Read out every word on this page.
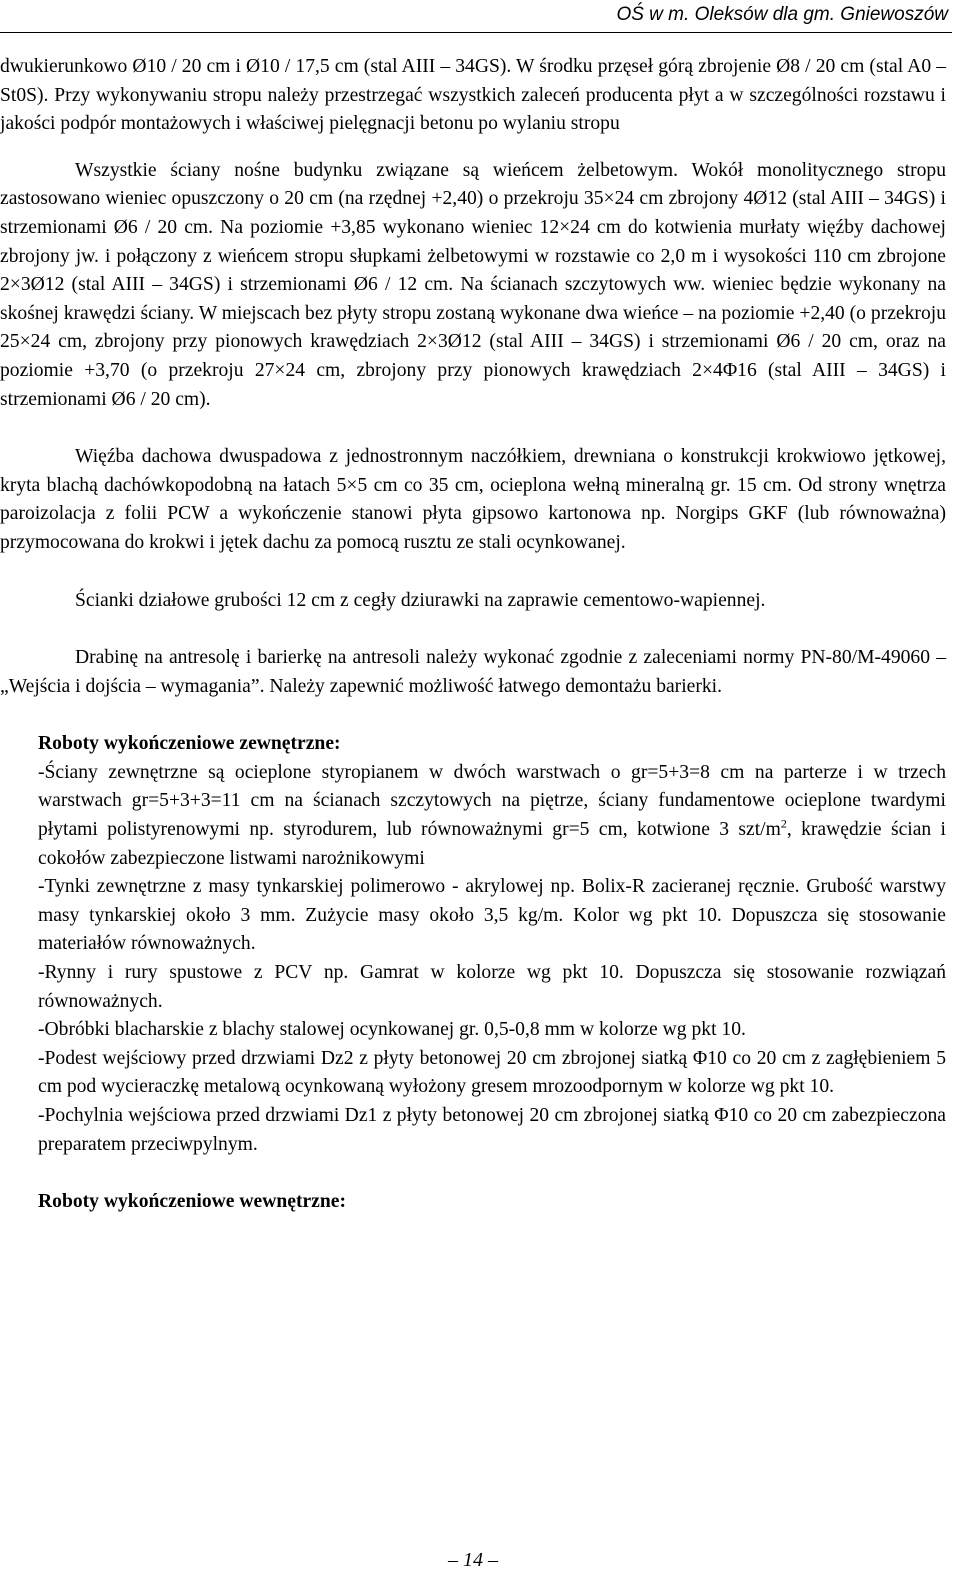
OŚ w m. Oleksów dla gm. Gniewoszów

dwukierunkowo Ø10 / 20 cm i Ø10 / 17,5 cm (stal AIII – 34GS). W środku przęseł górą zbrojenie Ø8 / 20 cm (stal A0 – St0S). Przy wykonywaniu stropu należy przestrzegać wszystkich zaleceń producenta płyt a w szczególności rozstawu i jakości podpór montażowych i właściwej pielęgnacji betonu po wylaniu stropu

Wszystkie ściany nośne budynku związane są wieńcem żelbetowym. Wokół monolitycznego stropu zastosowano wieniec opuszczony o 20 cm (na rzędnej +2,40) o przekroju 35×24 cm zbrojony 4Ø12 (stal AIII – 34GS) i strzemionami Ø6 / 20 cm. Na poziomie +3,85 wykonano wieniec 12×24 cm do kotwienia murłaty więźby dachowej zbrojony jw. i połączony z wieńcem stropu słupkami żelbetowymi w rozstawie co 2,0 m i wysokości 110 cm zbrojone 2×3Ø12 (stal AIII – 34GS) i strzemionami Ø6 / 12 cm. Na ścianach szczytowych ww. wieniec będzie wykonany na skośnej krawędzi ściany. W miejscach bez płyty stropu zostaną wykonane dwa wieńce – na poziomie +2,40 (o przekroju 25×24 cm, zbrojony przy pionowych krawędziach 2×3Ø12 (stal AIII – 34GS) i strzemionami Ø6 / 20 cm, oraz na poziomie +3,70 (o przekroju 27×24 cm, zbrojony przy pionowych krawędziach 2×4Φ16 (stal AIII – 34GS) i strzemionami Ø6 / 20 cm).

Więźba dachowa dwuspadowa z jednostronnym naczółkiem, drewniana o konstrukcji krokwiowo jętkowej, kryta blachą dachówkopodobną na łatach 5×5 cm co 35 cm, ocieplona wełną mineralną gr. 15 cm. Od strony wnętrza paroizolacja z folii PCW a wykończenie stanowi płyta gipsowo kartonowa np. Norgips GKF (lub równoważna) przymocowana do krokwi i jętek dachu za pomocą rusztu ze stali ocynkowanej.

Ścianki działowe grubości 12 cm z cegły dziurawki na zaprawie cementowo-wapiennej.

Drabinę na antresolę i barierkę na antresoli należy wykonać zgodnie z zaleceniami normy PN-80/M-49060 – „Wejścia i dojścia – wymagania”. Należy zapewnić możliwość łatwego demontażu barierki.

Roboty wykończeniowe zewnętrzne:

-Ściany zewnętrzne są ocieplone styropianem w dwóch warstwach o gr=5+3=8 cm na parterze i w trzech warstwach gr=5+3+3=11 cm na ścianach szczytowych na piętrze, ściany fundamentowe ocieplone twardymi płytami polistyrenowymi np. styrodurem, lub równoważnymi gr=5 cm, kotwione 3 szt/$m^2$, krawędzie ścian i cokołów zabezpieczone listwami narożnikowymi

-Tynki zewnętrzne z masy tynkarskiej polimerowo - akrylowej np. Bolix-R zacieranej ręcznie. Grubość warstwy masy tynkarskiej około 3 mm. Zużycie masy około 3,5 kg/m. Kolor wg pkt 10. Dopuszcza się stosowanie materiałów równoważnych.

-Rynny i rury spustowe z PCV np. Gamrat w kolorze wg pkt 10. Dopuszcza się stosowanie rozwiązań równoważnych.

-Obróbki blacharskie z blachy stalowej ocynkowanej gr. 0,5-0,8 mm w kolorze wg pkt 10.

-Podest wejściowy przed drzwiami Dz2 z płyty betonowej 20 cm zbrojonej siatką Φ10 co 20 cm z zagłębieniem 5 cm pod wycieraczkę metalową ocynkowaną wyłożony gresem mrozoodpornym w kolorze wg pkt 10.

-Pochylnia wejściowa przed drzwiami Dz1 z płyty betonowej 20 cm zbrojonej siatką Φ10 co 20 cm zabezpieczona preparatem przeciwpylnym.

Roboty wykończeniowe wewnętrzne:

– 14 –
